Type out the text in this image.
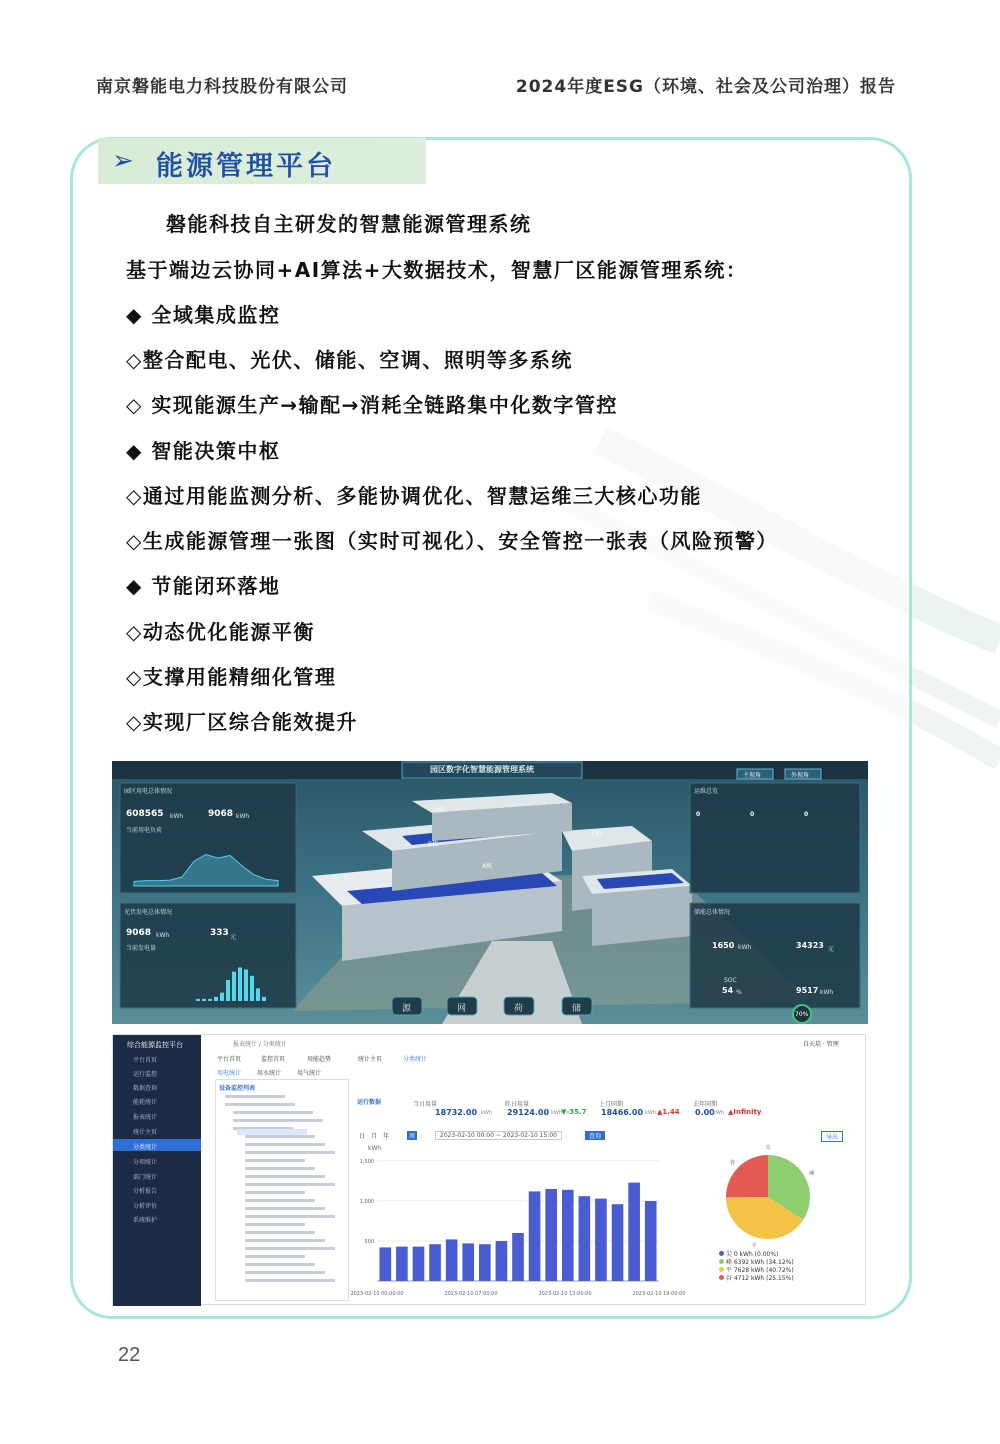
南京磐能电力科技股份有限公司	2024年度ESG（环境、社会及公司治理）报告
➢ 能源管理平台
磐能科技自主研发的智慧能源管理系统
基于端边云协同+AI算法+大数据技术，智慧厂区能源管理系统：
◆ 全域集成监控
◇整合配电、光伏、储能、空调、照明等多系统
◇ 实现能源生产→输配→消耗全链路集中化数字管控
◆ 智能决策中枢
◇通过用能监测分析、多能协调优化、智慧运维三大核心功能
◇生成能源管理一张图（实时可视化）、安全管控一张表（风险预警）
◆ 节能闭环落地
◇动态优化能源平衡
◇支撑用能精细化管理
◇实现厂区综合能效提升
园区数字化智慧能源管理系统
主视角	外视角
园区用电总体情况
608565 kWh	9068 kWh
当前用电负荷
光伏发电总体情况
9068 kWh	333 元
当前发电量
运维总览
0	0	0
储能总体情况
1650 kWh	34323 元
SOC
54 %	9517 kWh
A栋
B栋
C栋
D栋
源	网	荷	储
70%
综合能源监控平台
平台首页
运行监控
数据查询
能耗统计
报表统计
统计主页
分类统计
分项统计
部门统计
分析报告
分析评价
系统维护
报表统计 / 分类统计	自天培 · 管理
平台首页	监控首页	用能趋势	统计主页	分类统计
用电统计	用水统计	用气统计
设备监控列表
运行数据	当日用量
18732.00 kWh
昨日用量
29124.00 kWh
▼-35.7
上月同期
18466.00 kWh ▲1.44
去年同期
0.00
kWh ▲Infinity
日 月 年	周	2023-02-10 00:00 ~ 2023-02-10 15:00	查询	导出
500
1,000
1,500
2023-02-10 00:00:00	2023-02-10 07:00:00	2023-02-10 13:00:00	2023-02-10 19:00:00
kWh	尖
峰
平
谷
尖 0 kWh (0.00%)
峰 6392 kWh (34.12%)
平 7628 kWh (40.72%)
谷 4712 kWh (25.15%)
22
